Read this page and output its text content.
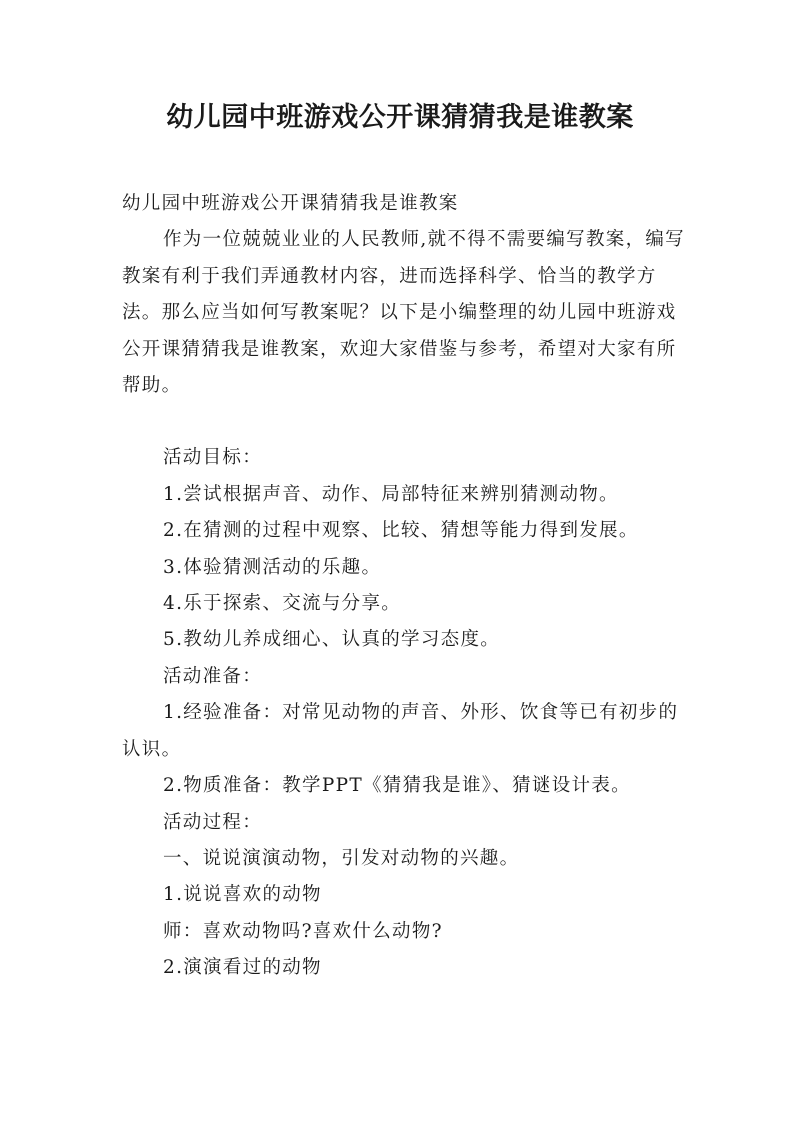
幼儿园中班游戏公开课猜猜我是谁教案

幼儿园中班游戏公开课猜猜我是谁教案

作为一位兢兢业业的人民教师,就不得不需要编写教案，编写教案有利于我们弄通教材内容，进而选择科学、恰当的教学方法。那么应当如何写教案呢？以下是小编整理的幼儿园中班游戏公开课猜猜我是谁教案，欢迎大家借鉴与参考，希望对大家有所帮助。

活动目标：

1.尝试根据声音、动作、局部特征来辨别猜测动物。

2.在猜测的过程中观察、比较、猜想等能力得到发展。

3.体验猜测活动的乐趣。

4.乐于探索、交流与分享。

5.教幼儿养成细心、认真的学习态度。

活动准备：

1.经验准备：对常见动物的声音、外形、饮食等已有初步的认识。

2.物质准备：教学PPT《猜猜我是谁》、猜谜设计表。

活动过程：

一、说说演演动物，引发对动物的兴趣。

1.说说喜欢的动物

师：喜欢动物吗?喜欢什么动物?

2.演演看过的动物
